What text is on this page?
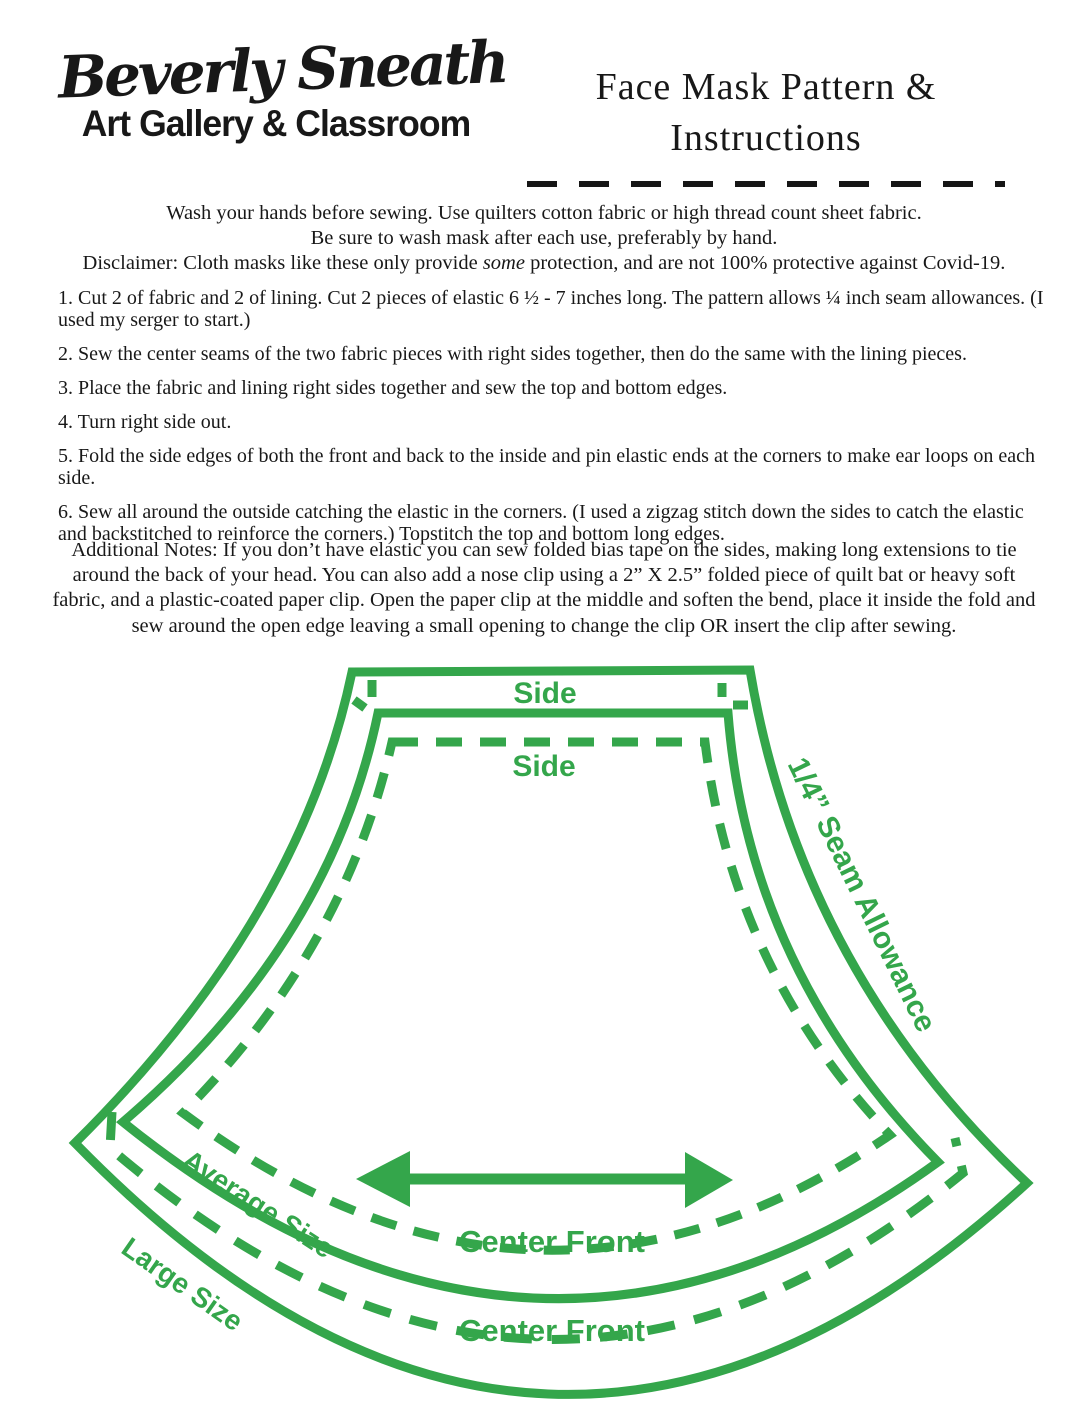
Beverly Sneath
Art Gallery & Classroom
Face Mask Pattern &
Instructions
Wash your hands before sewing. Use quilters cotton fabric or high thread count sheet fabric.
Be sure to wash mask after each use, preferably by hand.
Disclaimer: Cloth masks like these only provide some protection, and are not 100% protective against Covid-19.

1. Cut 2 of fabric and 2 of lining. Cut 2 pieces of elastic 6 ½ - 7 inches long. The pattern allows ¼ inch seam allowances. (I used my serger to start.)

2. Sew the center seams of the two fabric pieces with right sides together, then do the same with the lining pieces.

3. Place the fabric and lining right sides together and sew the top and bottom edges.

4. Turn right side out.

5. Fold the side edges of both the front and back to the inside and pin elastic ends at the corners to make ear loops on each side.

6. Sew all around the outside catching the elastic in the corners. (I used a zigzag stitch down the sides to catch the elastic and backstitched to reinforce the corners.) Topstitch the top and bottom long edges.

Additional Notes: If you don’t have elastic you can sew folded bias tape on the sides, making long extensions to tie around the back of your head. You can also add a nose clip using a 2” X 2.5” folded piece of quilt bat or heavy soft fabric, and a plastic-coated paper clip. Open the paper clip at the middle and soften the bend, place it inside the fold and sew around the open edge leaving a small opening to change the clip OR insert the clip after sewing.
Side
Side	1/4” Seam Allowance
Average Size
Large Size	Center Front
Center Front
